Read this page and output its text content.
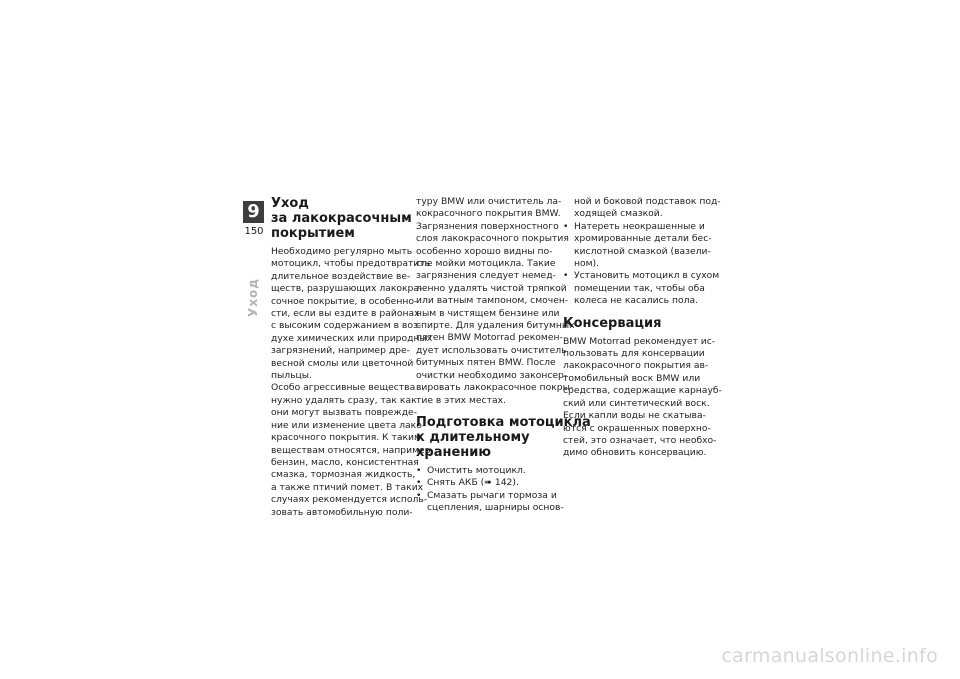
9
150
Уход
Уход
за лакокрасочным
покрытием
Необходимо регулярно мыть
мотоцикл, чтобы предотвратить
длительное воздействие ве-
ществ, разрушающих лакокра-
сочное покрытие, в особенно-
сти, если вы ездите в районах
с высоким содержанием в воз-
духе химических или природных
загрязнений, например дре-
весной смолы или цветочной
пыльцы.
Особо агрессивные вещества
нужно удалять сразу, так как
они могут вызвать поврежде-
ние или изменение цвета лако-
красочного покрытия. К таким
веществам относятся, например
бензин, масло, консистентная
смазка, тормозная жидкость,
а также птичий помет. В таких
случаях рекомендуется исполь-
зовать автомобильную поли-
туру BMW или очиститель ла-
кокрасочного покрытия BMW.
Загрязнения поверхностного
слоя лакокрасочного покрытия
особенно хорошо видны по-
сле мойки мотоцикла. Такие
загрязнения следует немед-
ленно удалять чистой тряпкой
или ватным тампоном, смочен-
ным в чистящем бензине или
спирте. Для удаления битумных
пятен BMW Motorrad рекомен-
дует использовать очиститель
битумных пятен BMW. После
очистки необходимо законсер-
вировать лакокрасочное покры-
тие в этих местах.
Подготовка мотоцикла
к длительному
хранению
• Очистить мотоцикл.
• Снять АКБ (➠ 142).
• Смазать рычаги тормоза и
сцепления, шарниры основ-
ной и боковой подставок под-
ходящей смазкой.
• Натереть неокрашенные и
хромированные детали бес-
кислотной смазкой (вазели-
ном).
• Установить мотоцикл в сухом
помещении так, чтобы оба
колеса не касались пола.
Консервация
BMW Motorrad рекомендует ис-
пользовать для консервации
лакокрасочного покрытия ав-
томобильный воск BMW или
средства, содержащие карнауб-
ский или синтетический воск.
Если капли воды не скатыва-
ются с окрашенных поверхно-
стей, это означает, что необхо-
димо обновить консервацию.
carmanualsonline.info
